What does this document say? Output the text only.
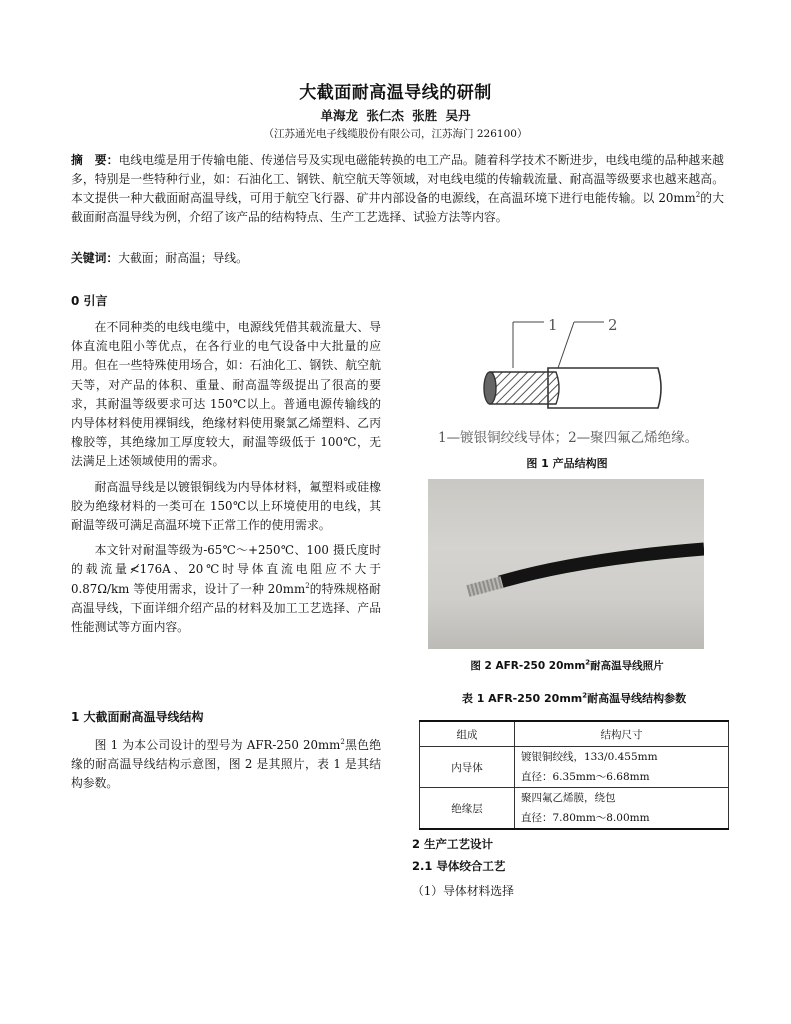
大截面耐高温导线的研制
单海龙 张仁杰 张胜 吴丹
（江苏通光电子线缆股份有限公司，江苏海门 226100）
摘　要：电线电缆是用于传输电能、传递信号及实现电磁能转换的电工产品。随着科学技术不断进步，电线电缆的品种越来越多，特别是一些特种行业，如：石油化工、钢铁、航空航天等领域，对电线电缆的传输载流量、耐高温等级要求也越来越高。本文提供一种大截面耐高温导线，可用于航空飞行器、矿井内部设备的电源线，在高温环境下进行电能传输。以 $20mm^2$的大截面耐高温导线为例，介绍了该产品的结构特点、生产工艺选择、试验方法等内容。
关键词：大截面；耐高温；导线。
0 引言

在不同种类的电线电缆中，电源线凭借其载流量大、导体直流电阻小等优点，在各行业的电气设备中大批量的应用。但在一些特殊使用场合，如：石油化工、钢铁、航空航天等，对产品的体积、重量、耐高温等级提出了很高的要求，其耐温等级要求可达 150℃以上。普通电源传输线的内导体材料使用裸铜线，绝缘材料使用聚氯乙烯塑料、乙丙橡胶等，其绝缘加工厚度较大，耐温等级低于 100℃，无法满足上述领域使用的需求。

耐高温导线是以镀银铜线为内导体材料，氟塑料或硅橡胶为绝缘材料的一类可在 150℃以上环境使用的电线，其耐温等级可满足高温环境下正常工作的使用需求。

本文针对耐温等级为-65℃～+250℃、100 摄氏度时的载流量≮176A、20℃时导体直流电阻应不大于 0.87Ω/km 等使用需求，设计了一种 $20mm^2$的特殊规格耐高温导线，下面详细介绍产品的材料及加工工艺选择、产品性能测试等方面内容。

1 大截面耐高温导线结构

图 1 为本公司设计的型号为 AFR-250 $20mm^2$黑色绝缘的耐高温导线结构示意图，图 2 是其照片，表 1 是其结构参数。

1	2
1—镀银铜绞线导体；2—聚四氟乙烯绝缘。
图 1 产品结构图
图 2 AFR-250 $20mm^2$耐高温导线照片
表 1 AFR-250 $20mm^2$耐高温导线结构参数
组成	结构尺寸
内导体	镀银铜绞线，133/0.455mm
直径：6.35mm～6.68mm

绝缘层	聚四氟乙烯膜，绕包
直径：7.80mm～8.00mm
2 生产工艺设计
2.1 导体绞合工艺
（1）导体材料选择
